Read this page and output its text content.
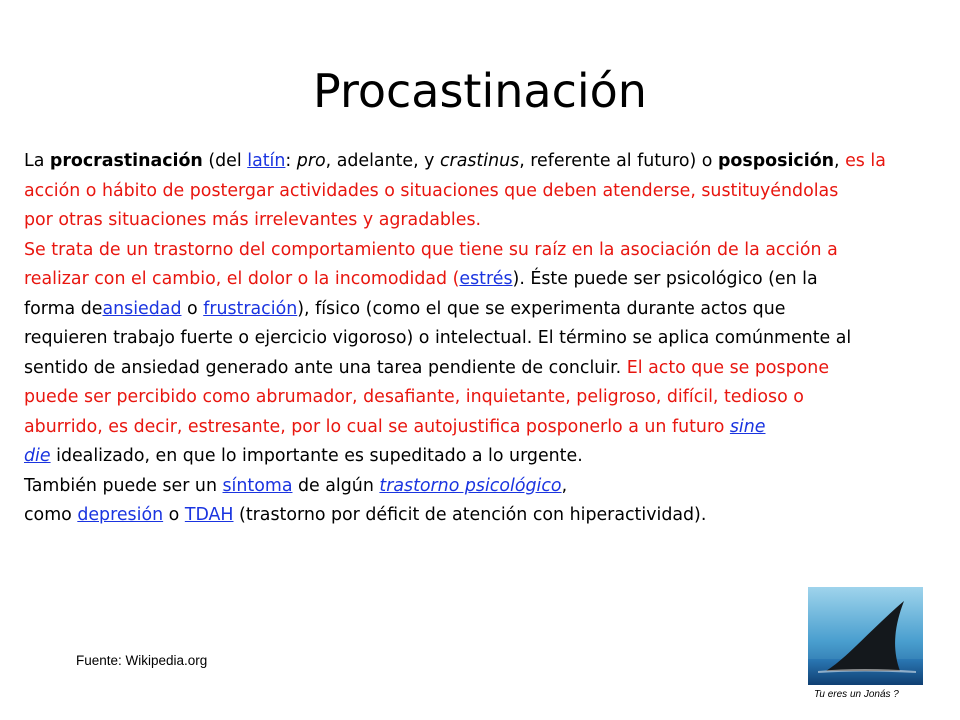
Procastinación
La procrastinación (del latín: pro, adelante, y crastinus, referente al futuro) o posposición, es la
acción o hábito de postergar actividades o situaciones que deben atenderse, sustituyéndolas
por otras situaciones más irrelevantes y agradables.
Se trata de un trastorno del comportamiento que tiene su raíz en la asociación de la acción a
realizar con el cambio, el dolor o la incomodidad (estrés). Éste puede ser psicológico (en la
forma deansiedad o frustración), físico (como el que se experimenta durante actos que
requieren trabajo fuerte o ejercicio vigoroso) o intelectual. El término se aplica comúnmente al
sentido de ansiedad generado ante una tarea pendiente de concluir. El acto que se pospone
puede ser percibido como abrumador, desafiante, inquietante, peligroso, difícil, tedioso o
aburrido, es decir, estresante, por lo cual se autojustifica posponerlo a un futuro sine
die idealizado, en que lo importante es supeditado a lo urgente.
También puede ser un síntoma de algún trastorno psicológico,
como depresión o TDAH (trastorno por déficit de atención con hiperactividad).
Fuente: Wikipedia.org
Tu eres un Jonás ?
